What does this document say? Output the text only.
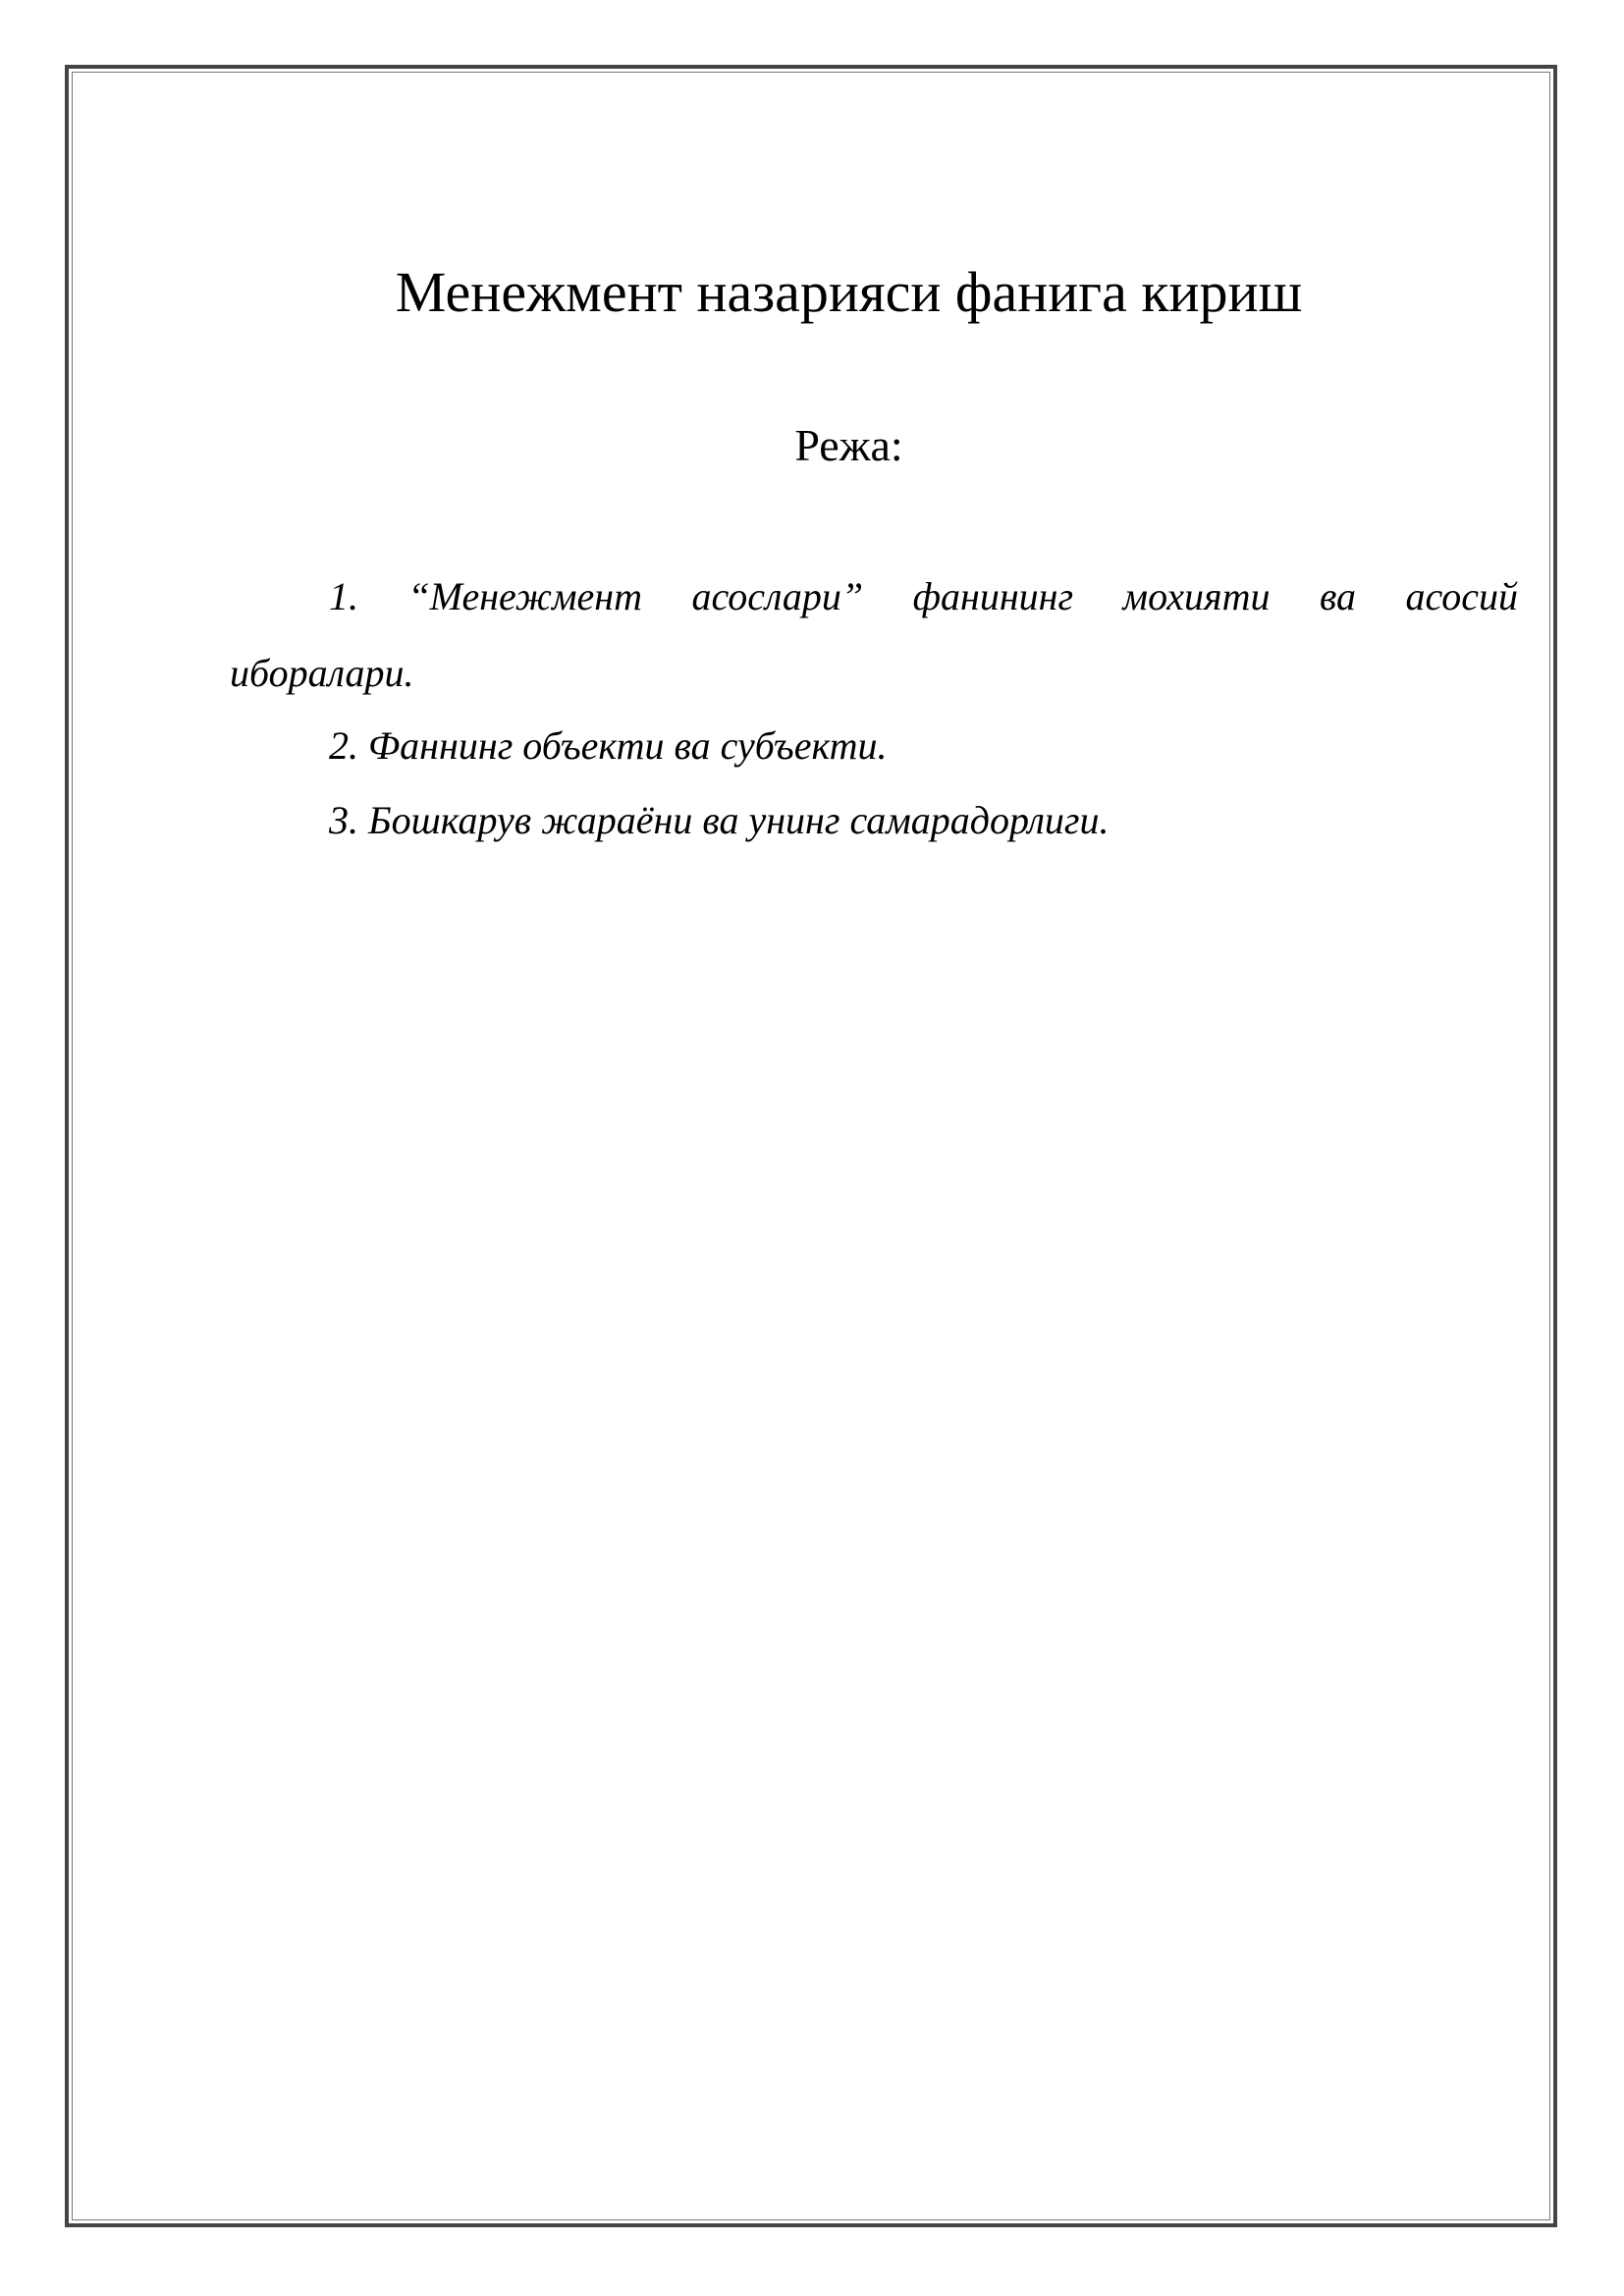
Менежмент назарияси фанига кириш
Режа:
1. “Менежмент асослари” фанининг мохияти ва асосий
иборалари.
2. Фаннинг объекти ва субъекти.
3. Бошкарув жараёни ва унинг самарадорлиги.
